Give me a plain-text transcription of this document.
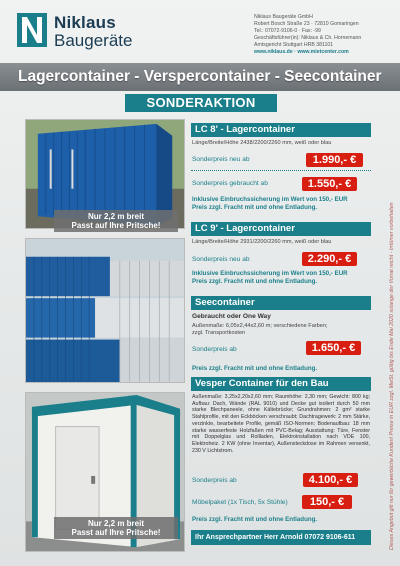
Niklaus
Baugeräte
Niklaus Baugeräte GmbH
Robert Bosch Straße 23 · 72810 Gomaringen
Tel.: 07072-9106-0 · Fax: -99
Geschäftsführer(in): Niklaus & Ch. Hornemann
Amtsgericht Stuttgart HRB 381101
www.niklaus.de · www.mietcenter.com
Lagercontainer - Verspercontainer - Seecontainer
SONDERAKTION
Nur 2,2 m breit
Passt auf Ihre Pritsche!
Nur 2,2 m breit
Passt auf Ihre Pritsche!
LC 8' - Lagercontainer
Länge/Breite/Höhe 2438/2200/2260 mm, weiß oder blau
Sonderpreis neu ab	1.990,- €
Sonderpreis gebraucht ab	1.550,- €
Inklusive Einbruchssicherung im Wert von 150,- EUR
Preis zzgl. Fracht mit und ohne Entladung.
LC 9' - Lagercontainer
Länge/Breite/Höhe 2931/2200/2260 mm, weiß oder blau
Sonderpreis neu ab	2.290,- €
Inklusive Einbruchssicherung im Wert von 150,- EUR
Preis zzgl. Fracht mit und ohne Entladung.
Seecontainer
Gebraucht oder One Way
Außenmaße: 6,05x2,44x2,60 m; verschiedene Farben;
zzgl. Transportkosten
Sonderpreis ab	1.650,- €
Preis zzgl. Fracht mit und ohne Entladung.
Vesper Container für den Bau
Außenmaße: 3,25x2,20x2,60 mm; Raumhöhe: 2,30 mm; Gewicht: 800 kg; Aufbau: Dach, Wände (RAL 9010) und Decke gut isoliert durch 50 mm starke Blechpaneele, ohne Kältebrücke; Grundrahmen: 2 gm² starke Stahlprofile, mit den Eckböcken verschraubt; Dachtragewerk: 2 mm Stärke, verzinkte, bearbeitete Profile, gemäß ISO-Normen; Bodenaufbau: 18 mm starke wasserfeste Holzfaßen mit PVC-Belag; Ausstattung: Türe, Fenster mit Doppelglas und Rollladen, Elektroinstallation nach VDE 100, Elektroheiz. 2 KW (ohne Inventar), Außensteckdose im Rahmen versenkt, 230 V Lichtstrom.
Sonderpreis ab	4.100,- €
Möbelpaket (1x Tisch, 5x Stühle)	150,- €
Preis zzgl. Fracht mit und ohne Entladung.
Ihr Ansprechpartner Herr Arnold 07072 9106-611	Dieses Angebot gilt nur für gewerbliche Kunden! Preise in EUR zzgl. MwSt. gültig bis Ende Mai 2020 solange der Vorrat reicht - Irrtümer vorbehalten
